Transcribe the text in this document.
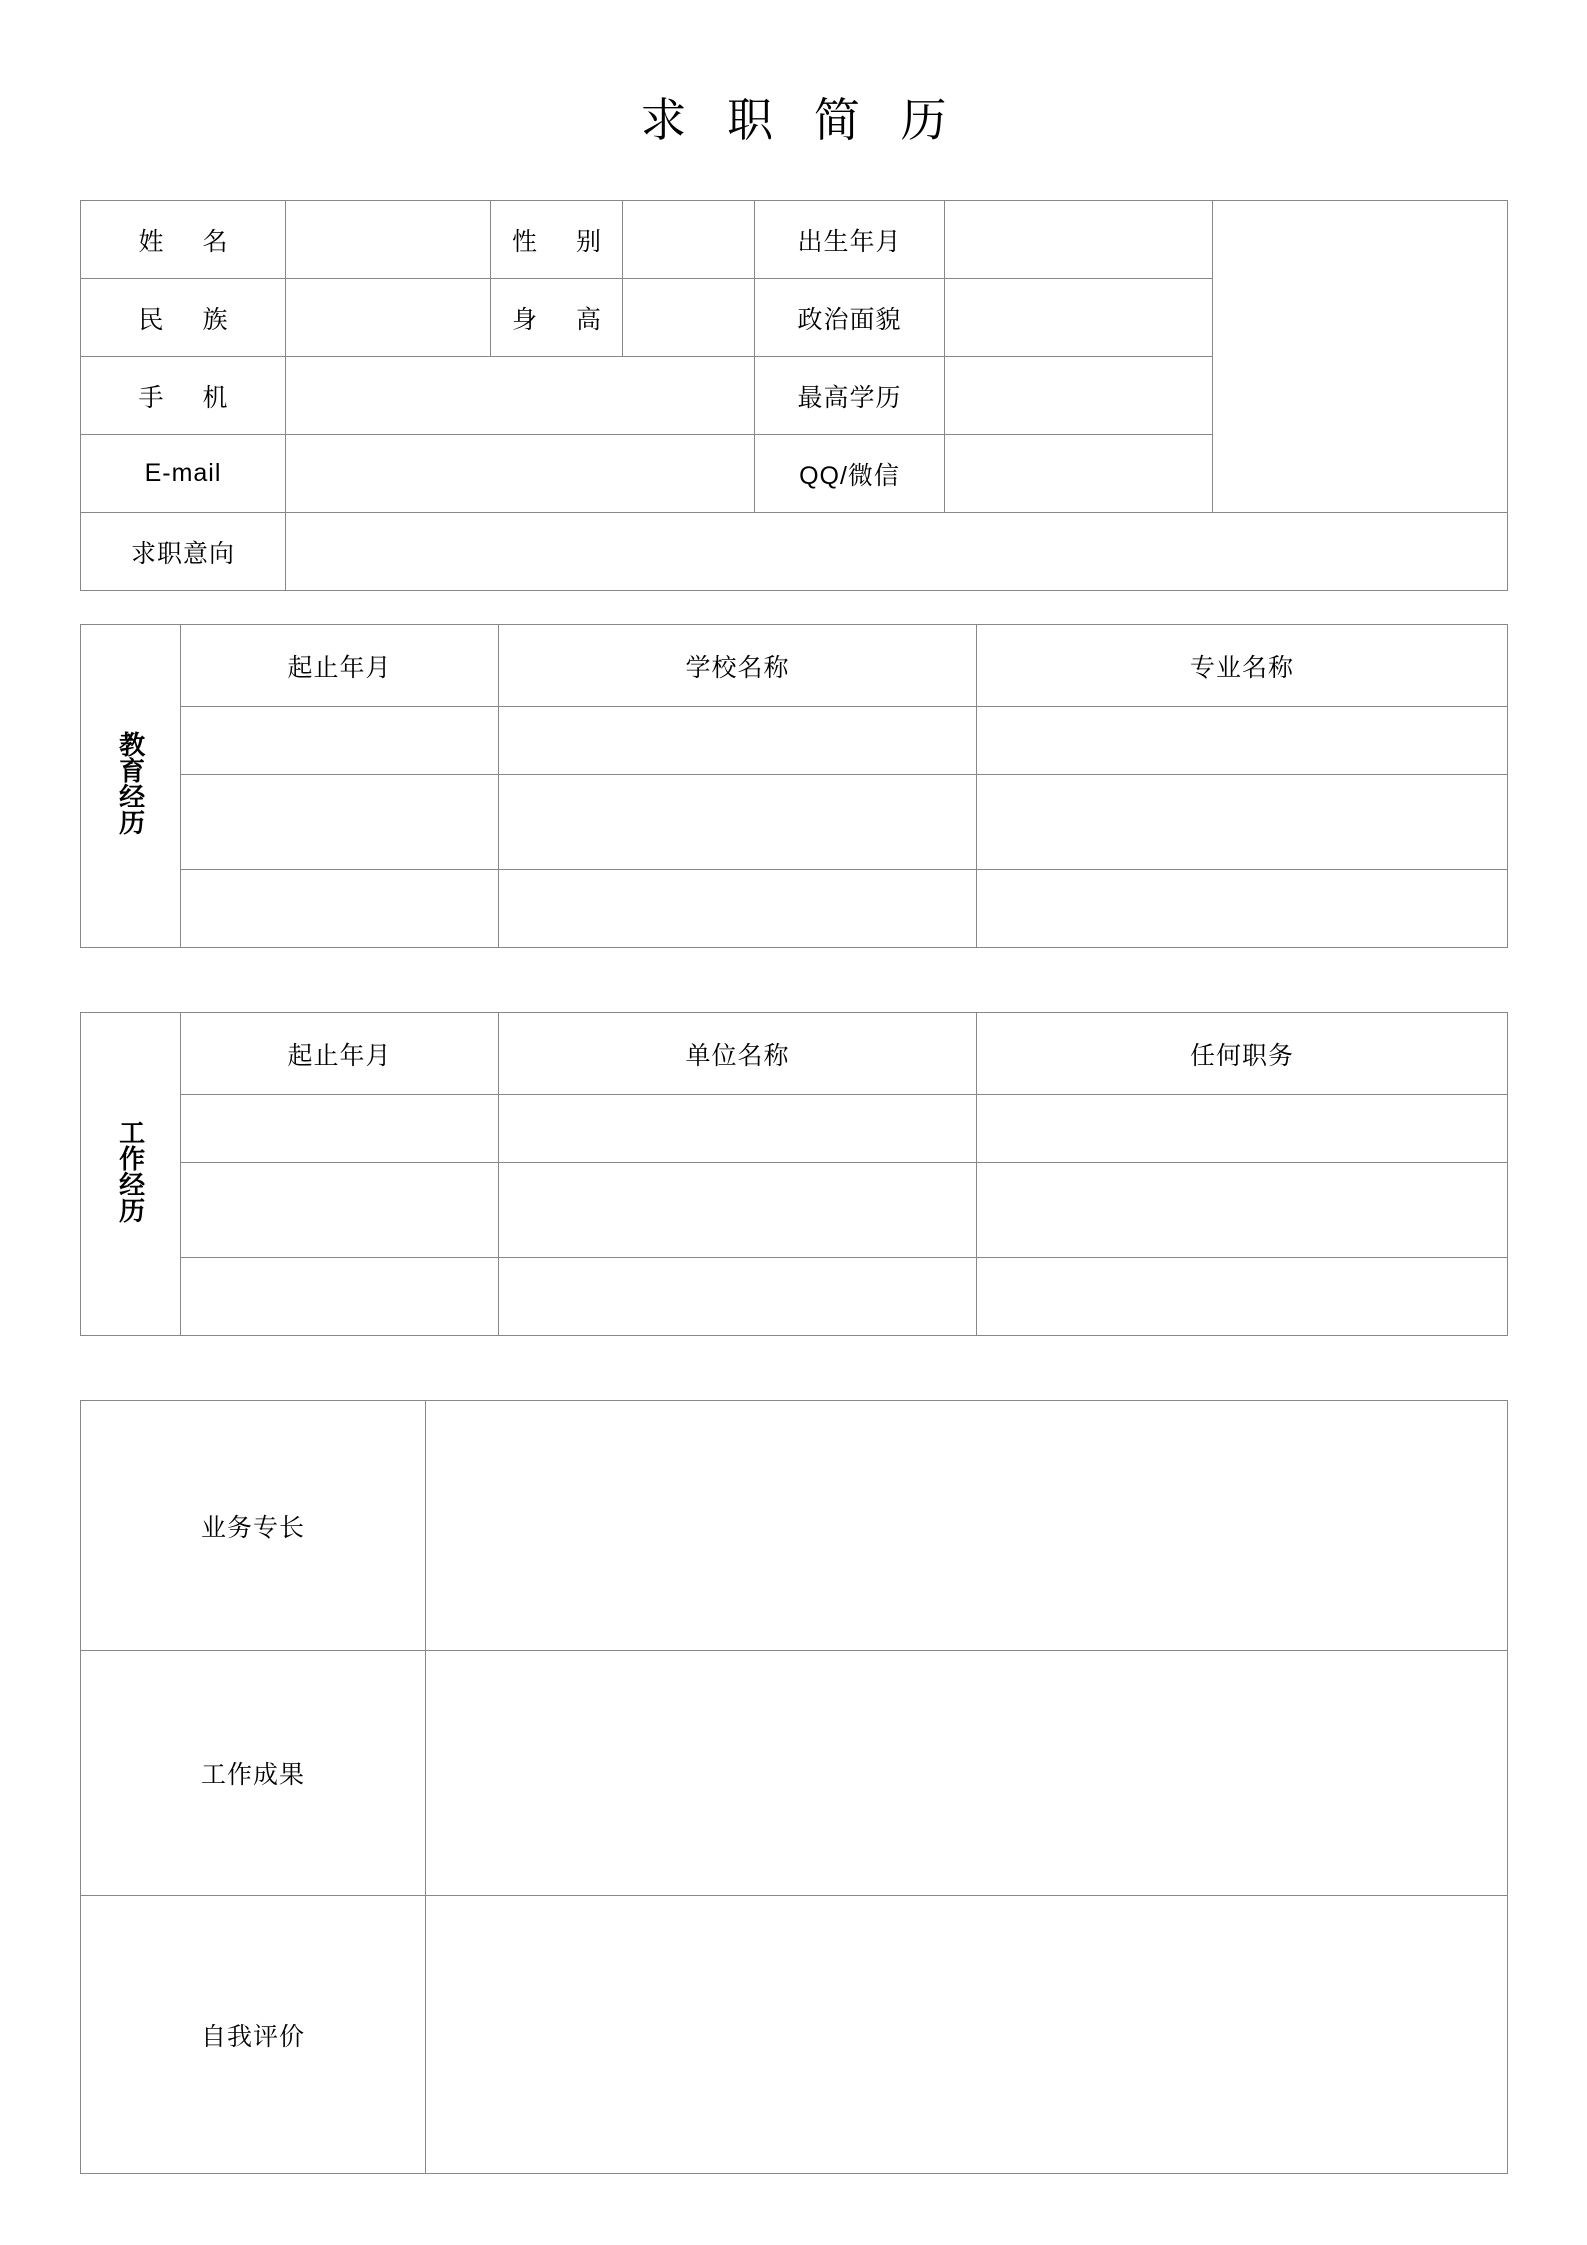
求 职 简 历
姓 名		性 别		出生年月		
民 族		身 高		政治面貌		
手 机				最高学历		
E-mail				QQ/微信		
求职意向						
教育经历	起止年月	学校名称	专业名称

工作经历	起止年月	单位名称	任何职务

业务专长	
工作成果	
自我评价	
